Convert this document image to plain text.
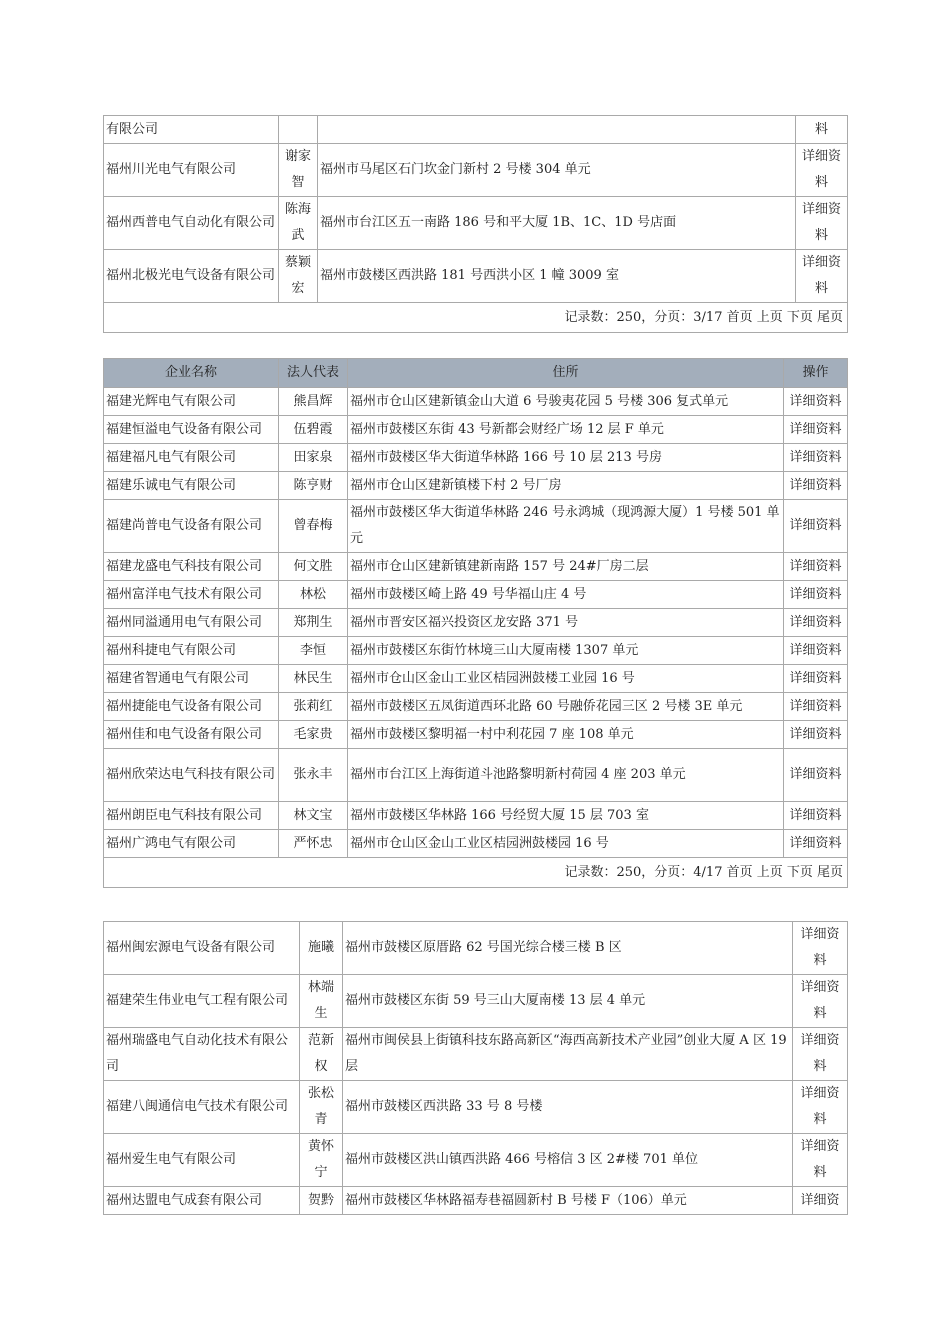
有限公司			料
福州川光电气有限公司	谢家智	福州市马尾区石门坎金门新村 2 号楼 304 单元	详细资料
福州西普电气自动化有限公司	陈海武	福州市台江区五一南路 186 号和平大厦 1B、1C、1D 号店面	详细资料
福州北极光电气设备有限公司	蔡颖宏	福州市鼓楼区西洪路 181 号西洪小区 1 幢 3009 室	详细资料
记录数：250，分页：3/17 首页 上页 下页 尾页			
企业名称	法人代表	住所	操作
福建光辉电气有限公司	熊昌辉	福州市仓山区建新镇金山大道 6 号骏夷花园 5 号楼 306 复式单元	详细资料
福建恒溢电气设备有限公司	伍碧霞	福州市鼓楼区东街 43 号新都会财经广场 12 层 F 单元	详细资料
福建福凡电气有限公司	田家泉	福州市鼓楼区华大街道华林路 166 号 10 层 213 号房	详细资料
福建乐诚电气有限公司	陈亨财	福州市仓山区建新镇楼下村 2 号厂房	详细资料
福建尚普电气设备有限公司	曾春梅	福州市鼓楼区华大街道华林路 246 号永鸿城（现鸿源大厦）1 号楼 501 单元	详细资料
福建龙盛电气科技有限公司	何文胜	福州市仓山区建新镇建新南路 157 号 24#厂房二层	详细资料
福州富洋电气技术有限公司	林松	福州市鼓楼区崎上路 49 号华福山庄 4 号	详细资料
福州同溢通用电气有限公司	郑荆生	福州市晋安区福兴投资区龙安路 371 号	详细资料
福州科捷电气有限公司	李恒	福州市鼓楼区东街竹林境三山大厦南楼 1307 单元	详细资料
福建省智通电气有限公司	林民生	福州市仓山区金山工业区桔园洲鼓楼工业园 16 号	详细资料
福州捷能电气设备有限公司	张莉红	福州市鼓楼区五凤街道西环北路 60 号融侨花园三区 2 号楼 3E 单元	详细资料
福州佳和电气设备有限公司	毛家贵	福州市鼓楼区黎明福一村中利花园 7 座 108 单元	详细资料
福州欣荣达电气科技有限公司	张永丰	福州市台江区上海街道斗池路黎明新村荷园 4 座 203 单元	详细资料
福州朗臣电气科技有限公司	林文宝	福州市鼓楼区华林路 166 号经贸大厦 15 层 703 室	详细资料
福州广鸿电气有限公司	严怀忠	福州市仓山区金山工业区桔园洲鼓楼园 16 号	详细资料
记录数：250，分页：4/17 首页 上页 下页 尾页			
福州闽宏源电气设备有限公司	施曦	福州市鼓楼区原厝路 62 号国光综合楼三楼 B 区	详细资料
福建荣生伟业电气工程有限公司	林端生	福州市鼓楼区东街 59 号三山大厦南楼 13 层 4 单元	详细资料
福州瑞盛电气自动化技术有限公司	范新权	福州市闽侯县上街镇科技东路高新区“海西高新技术产业园”创业大厦 A 区 19 层	详细资料
福建八闽通信电气技术有限公司	张松青	福州市鼓楼区西洪路 33 号 8 号楼	详细资料
福州爱生电气有限公司	黄怀宁	福州市鼓楼区洪山镇西洪路 466 号榕信 3 区 2#楼 701 单位	详细资料
福州达盟电气成套有限公司	贺黔	福州市鼓楼区华林路福寿巷福圆新村 B 号楼 F（106）单元	详细资
